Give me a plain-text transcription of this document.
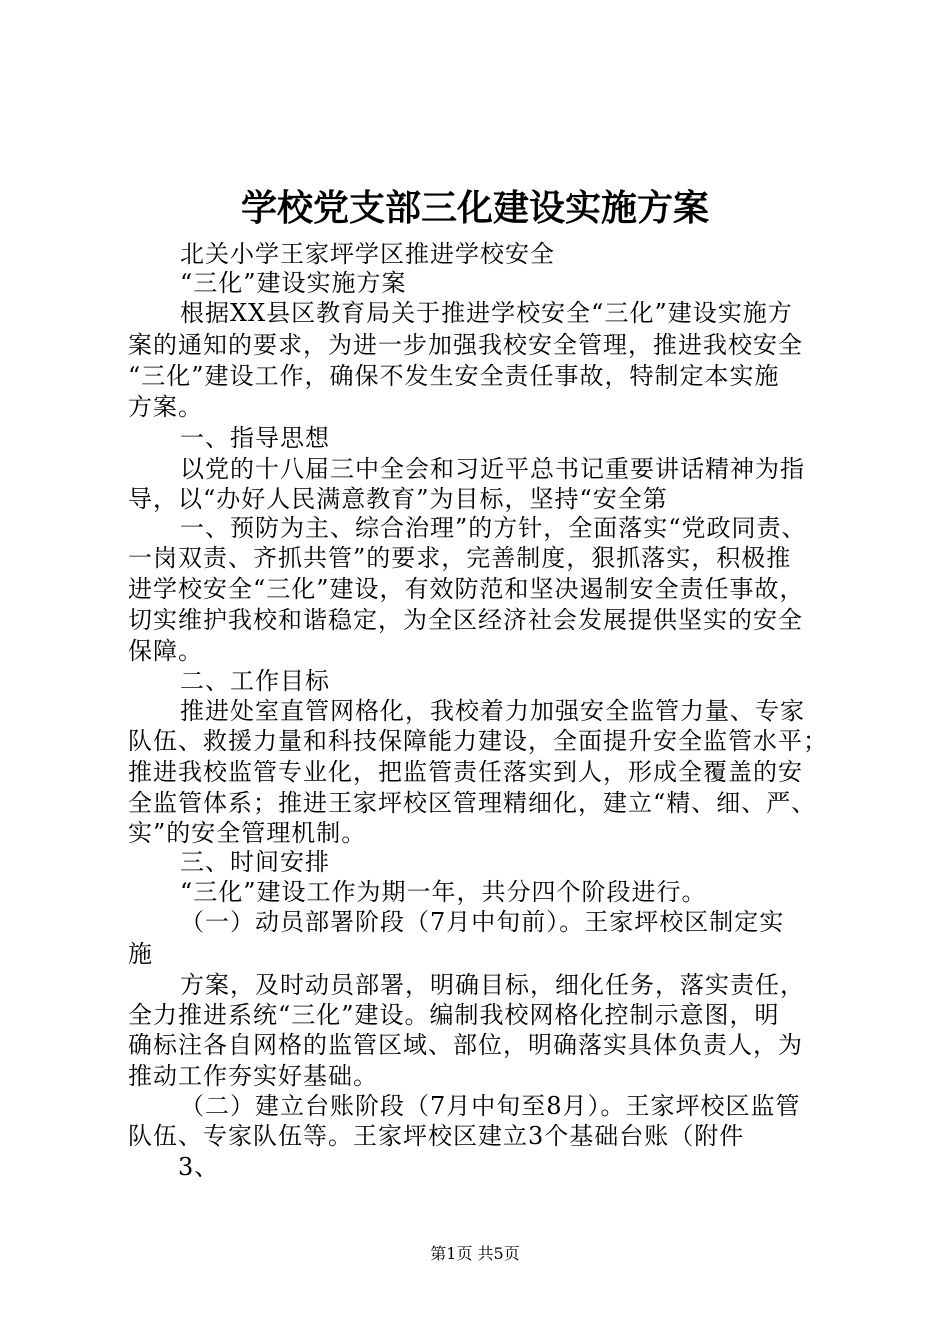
学校党支部三化建设实施方案
北关小学王家坪学区推进学校安全
“三化”建设实施方案
根据XX县区教育局关于推进学校安全“三化”建设实施方
案的通知的要求，为进一步加强我校安全管理，推进我校安全
“三化”建设工作，确保不发生安全责任事故，特制定本实施
方案。
一、指导思想
以党的十八届三中全会和习近平总书记重要讲话精神为指
导，以“办好人民满意教育”为目标，坚持“安全第
一、预防为主、综合治理”的方针，全面落实“党政同责、
一岗双责、齐抓共管”的要求，完善制度，狠抓落实，积极推
进学校安全“三化”建设，有效防范和坚决遏制安全责任事故，
切实维护我校和谐稳定，为全区经济社会发展提供坚实的安全
保障。
二、工作目标
推进处室直管网格化，我校着力加强安全监管力量、专家
队伍、救援力量和科技保障能力建设，全面提升安全监管水平；
推进我校监管专业化，把监管责任落实到人，形成全覆盖的安
全监管体系；推进王家坪校区管理精细化，建立“精、细、严、
实”的安全管理机制。
三、时间安排
“三化”建设工作为期一年，共分四个阶段进行。
（一）动员部署阶段（7月中旬前）。王家坪校区制定实
施
方案，及时动员部署，明确目标，细化任务，落实责任，
全力推进系统“三化”建设。编制我校网格化控制示意图，明
确标注各自网格的监管区域、部位，明确落实具体负责人，为
推动工作夯实好基础。
（二）建立台账阶段（7月中旬至8月）。王家坪校区监管
队伍、专家队伍等。王家坪校区建立3个基础台账（附件
3、
第1页 共5页
